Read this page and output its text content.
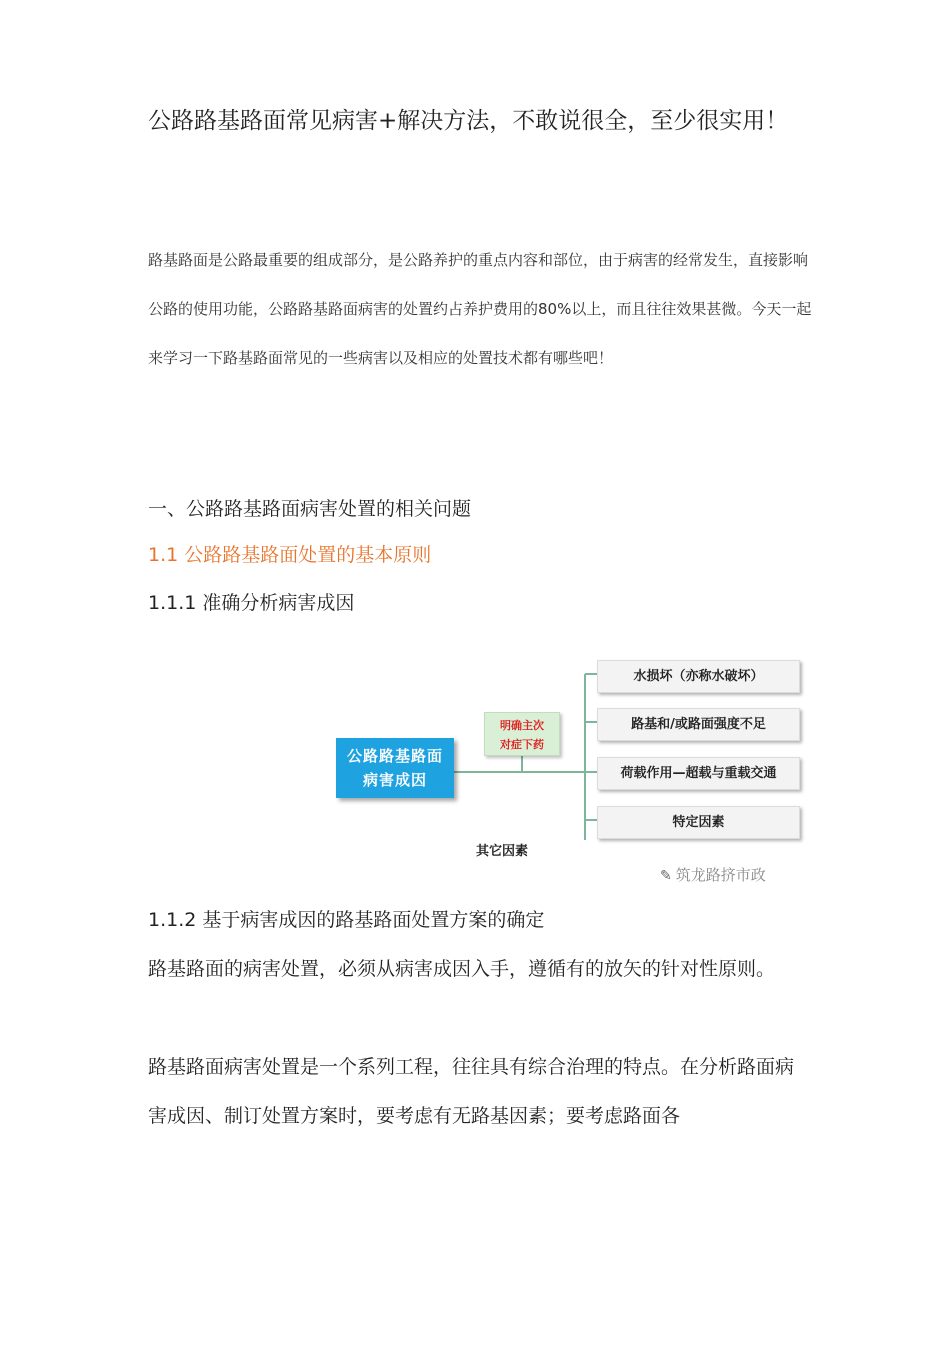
公路路基路面常见病害+解决方法，不敢说很全，至少很实用！

路基路面是公路最重要的组成部分，是公路养护的重点内容和部位，由于病害的经常发生，直接影响公路的使用功能，公路路基路面病害的处置约占养护费用的80%以上，而且往往效果甚微。今天一起来学习一下路基路面常见的一些病害以及相应的处置技术都有哪些吧！

一、公路路基路面病害处置的相关问题
1.1 公路路基路面处置的基本原则
1.1.1 准确分析病害成因
公路路基路面
病害成因
明确主次
对症下药
水损坏（亦称水破坏）
路基和/或路面强度不足
荷载作用—超载与重载交通
特定因素
其它因素
✎ 筑龙路挤市政
1.1.2 基于病害成因的路基路面处置方案的确定

路基路面的病害处置，必须从病害成因入手，遵循有的放矢的针对性原则。

路基路面病害处置是一个系列工程，往往具有综合治理的特点。在分析路面病害成因、制订处置方案时，要考虑有无路基因素；要考虑路面各
